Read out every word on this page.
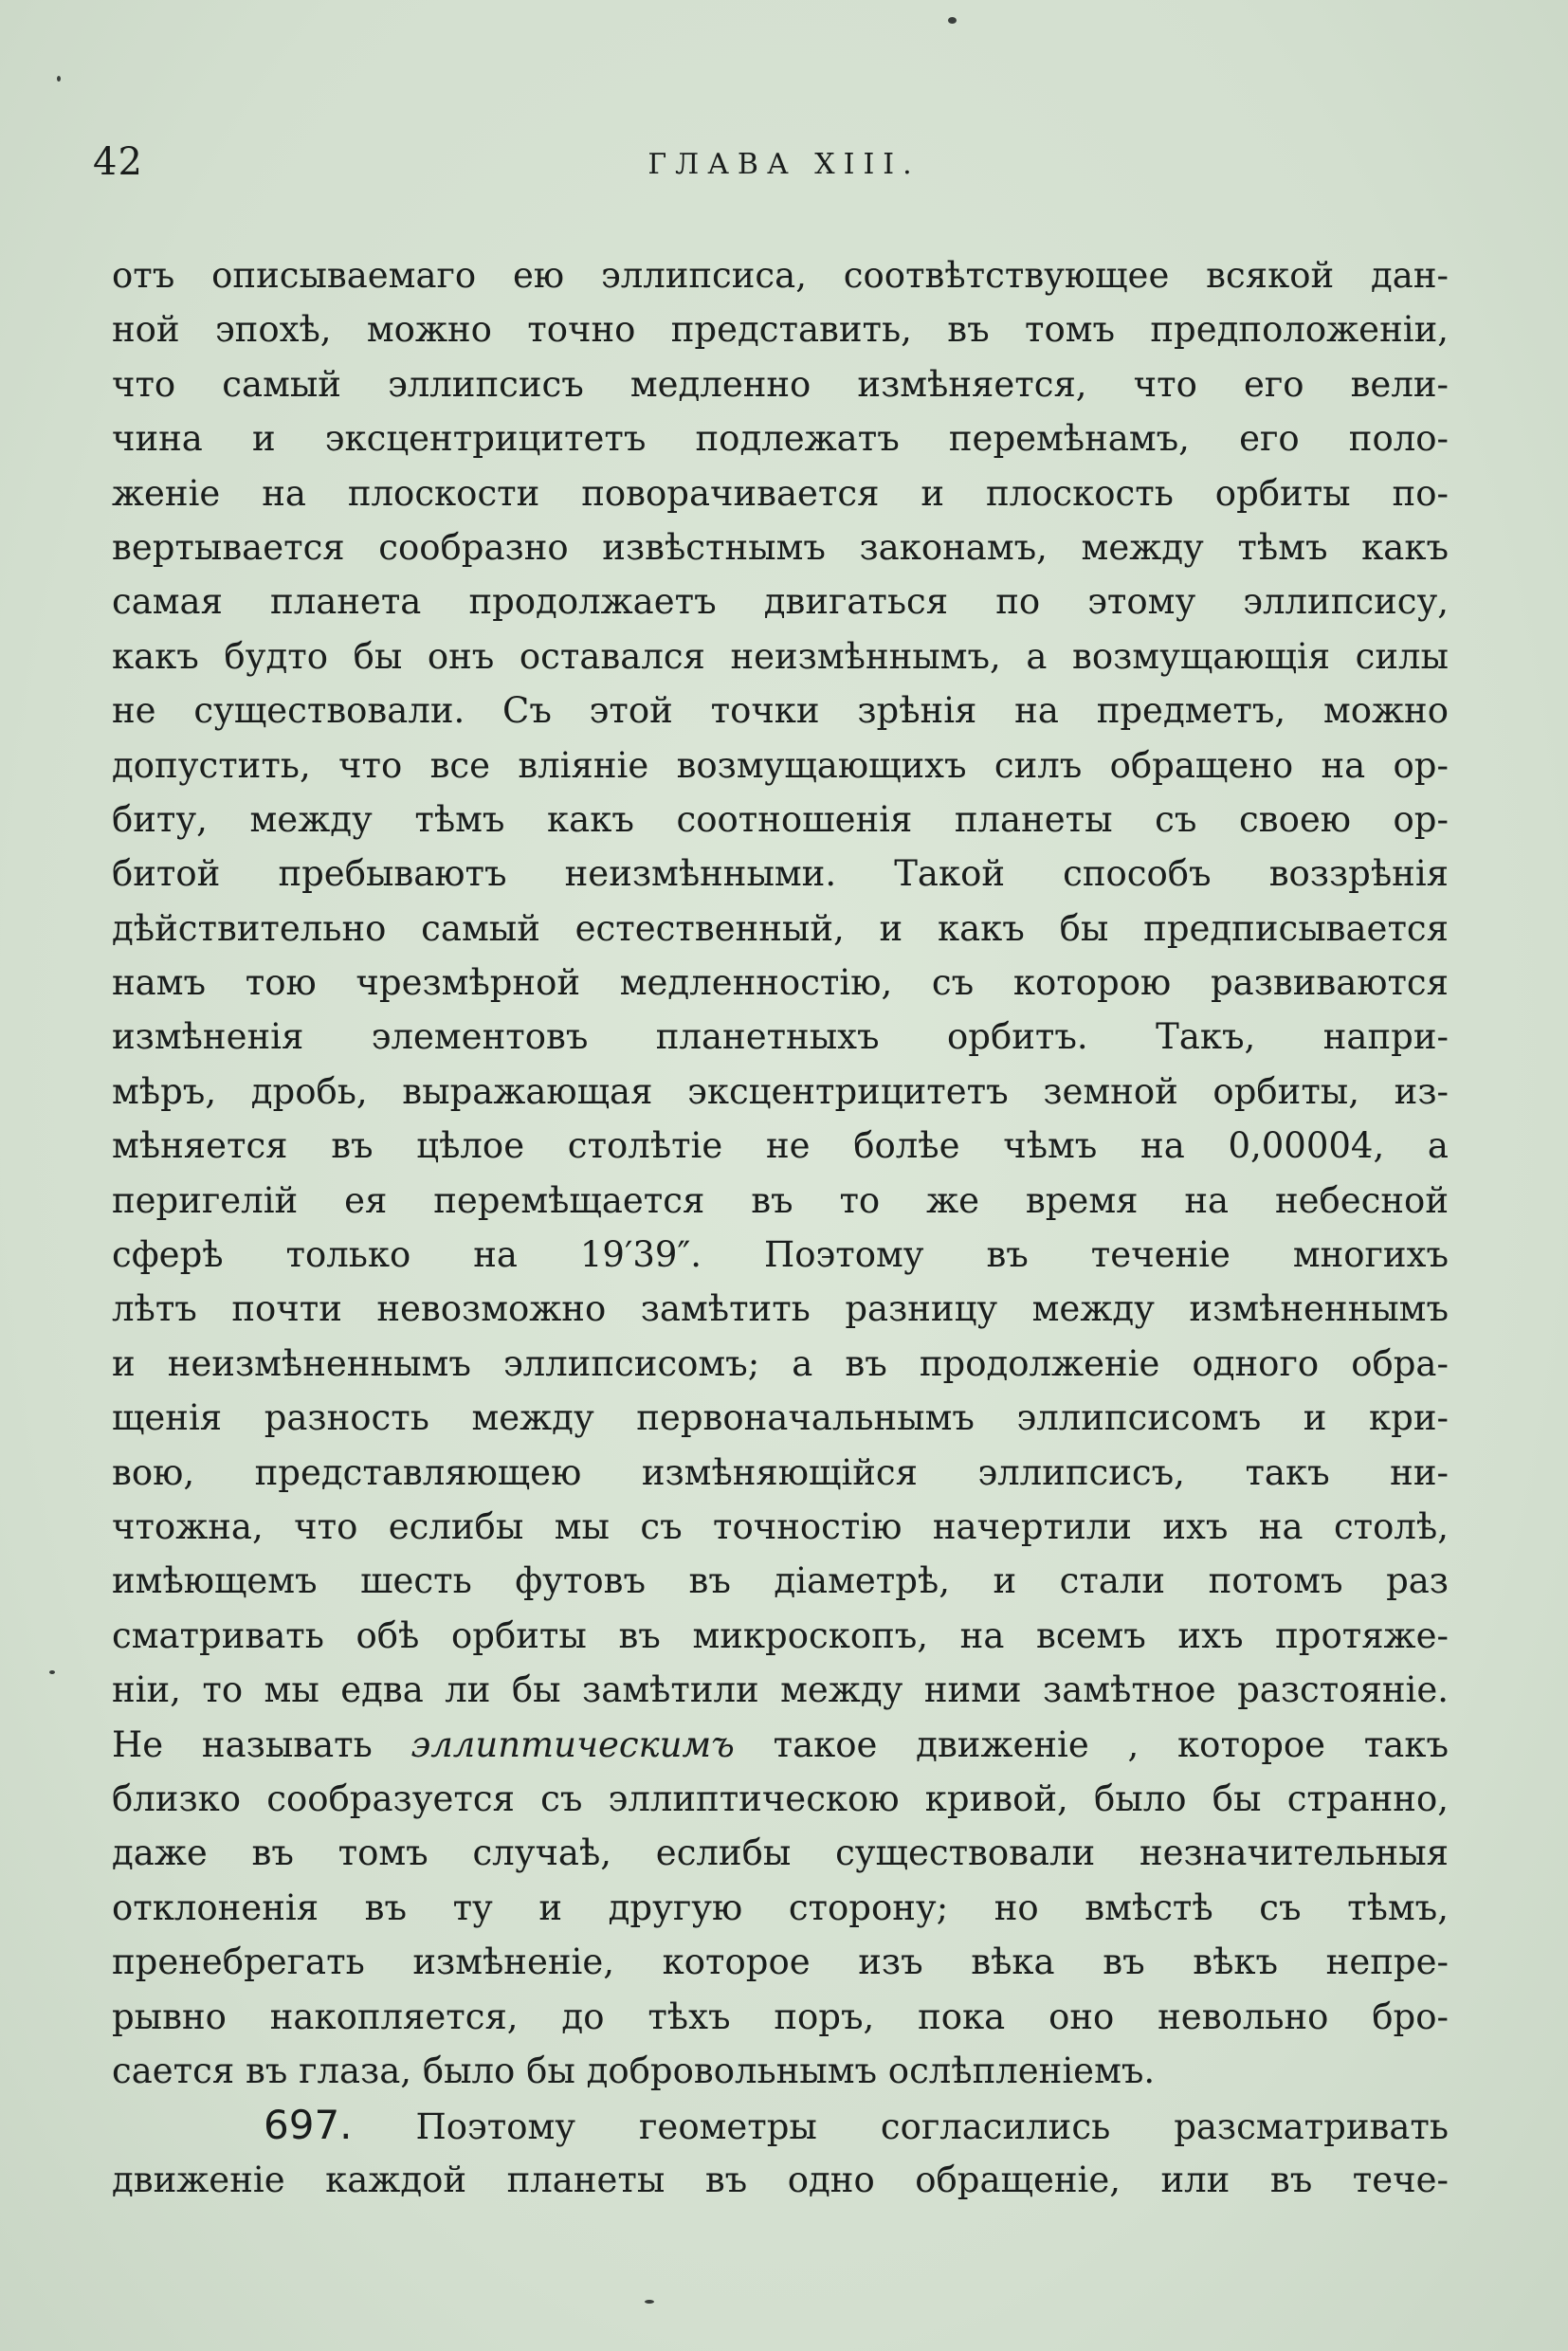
42	ГЛАВА XIII.
отъ описываемаго ею эллипсиса, соотвѣтствующее всякой дан-
ной эпохѣ, можно точно представить, въ томъ предположенiи,
что самый эллипсисъ медленно измѣняется, что его вели-
чина и эксцентрицитетъ подлежатъ перемѣнамъ, его поло-
женiе на плоскости поворачивается и плоскость орбиты по-
вертывается сообразно извѣстнымъ законамъ, между тѣмъ какъ
самая планета продолжаетъ двигаться по этому эллипсису,
какъ будто бы онъ оставался неизмѣннымъ, а возмущающiя силы
не существовали. Съ этой точки зрѣнiя на предметъ, можно
допустить, что все влiянiе возмущающихъ силъ обращено на ор-
биту, между тѣмъ какъ соотношенiя планеты съ своею ор-
битой пребываютъ неизмѣнными. Такой способъ воззрѣнiя
дѣйствительно самый естественный, и какъ бы предписывается
намъ тою чрезмѣрной медленностiю, съ которою развиваются
измѣненiя элементовъ планетныхъ орбитъ. Такъ, напри-
мѣръ, дробь, выражающая эксцентрицитетъ земной орбиты, из-
мѣняется въ цѣлое столѣтiе не болѣе чѣмъ на 0,00004, а
перигелiй ея перемѣщается въ то же время на небесной
сферѣ только на 19′39″. Поэтому въ теченiе многихъ
лѣтъ почти невозможно замѣтить разницу между измѣненнымъ
и неизмѣненнымъ эллипсисомъ; а въ продолженiе одного обра-
щенiя разность между первоначальнымъ эллипсисомъ и кри-
вою, представляющею измѣняющiйся эллипсисъ, такъ ни-
чтожна, что еслибы мы съ точностiю начертили ихъ на столѣ,
имѣющемъ шесть футовъ въ дiаметрѣ, и стали потомъ раз
сматривать обѣ орбиты въ микроскопъ, на всемъ ихъ протяже-
нiи, то мы едва ли бы замѣтили между ними замѣтное разстоянiе.
Не называть эллиптическимъ такое движенiе , которое такъ
близко сообразуется съ эллиптическою кривой, было бы странно,
даже въ томъ случаѣ, еслибы существовали незначительныя
отклоненiя въ ту и другую сторону; но вмѣстѣ съ тѣмъ,
пренебрегать измѣненiе, которое изъ вѣка въ вѣкъ непре-
рывно накопляется, до тѣхъ поръ, пока оно невольно бро-
сается въ глаза, было бы добровольнымъ ослѣпленiемъ.
697. Поэтому геометры согласились разсматривать
движенiе каждой планеты въ одно обращенiе, или въ тече-
